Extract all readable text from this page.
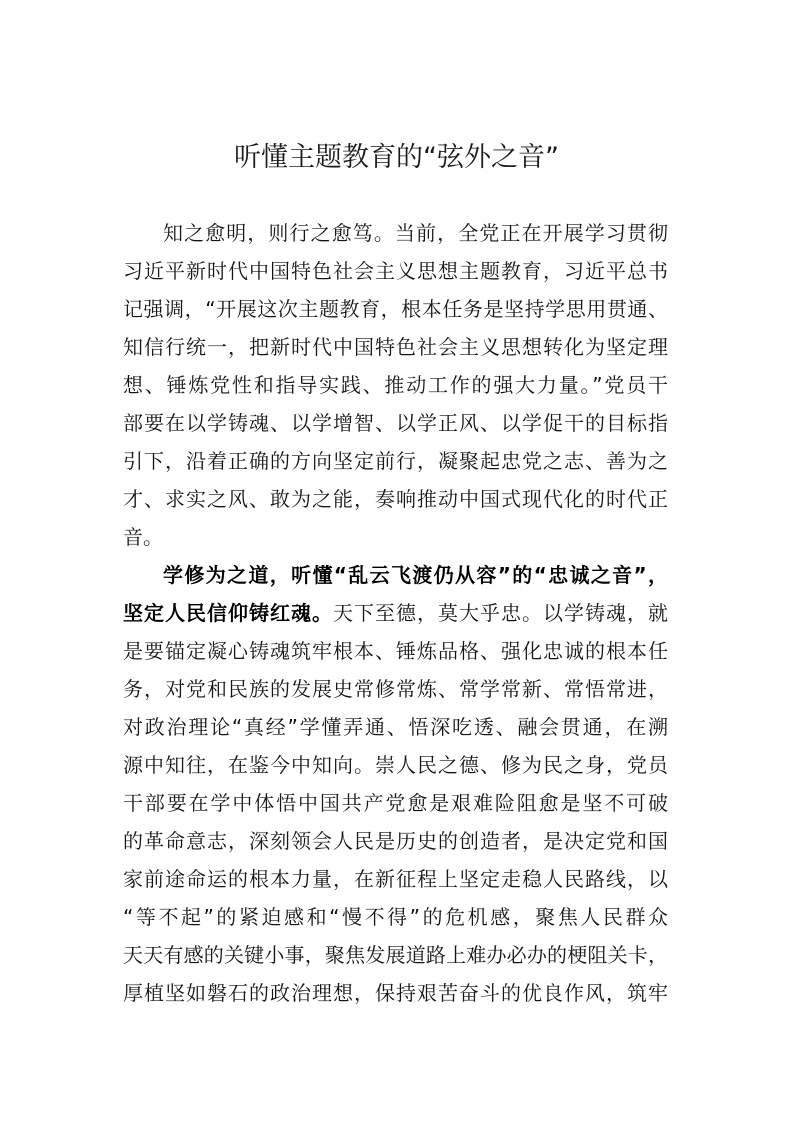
听懂主题教育的“弦外之音”
知之愈明，则行之愈笃。当前，全党正在开展学习贯彻
习近平新时代中国特色社会主义思想主题教育，习近平总书
记强调，“开展这次主题教育，根本任务是坚持学思用贯通、
知信行统一，把新时代中国特色社会主义思想转化为坚定理
想、锤炼党性和指导实践、推动工作的强大力量。”党员干
部要在以学铸魂、以学增智、以学正风、以学促干的目标指
引下，沿着正确的方向坚定前行，凝聚起忠党之志、善为之
才、求实之风、敢为之能，奏响推动中国式现代化的时代正
音。
学修为之道，听懂“乱云飞渡仍从容”的“忠诚之音”，
坚定人民信仰铸红魂。天下至德，莫大乎忠。以学铸魂，就
是要锚定凝心铸魂筑牢根本、锤炼品格、强化忠诚的根本任
务，对党和民族的发展史常修常炼、常学常新、常悟常进，
对政治理论“真经”学懂弄通、悟深吃透、融会贯通，在溯
源中知往，在鉴今中知向。崇人民之德、修为民之身，党员
干部要在学中体悟中国共产党愈是艰难险阻愈是坚不可破
的革命意志，深刻领会人民是历史的创造者，是决定党和国
家前途命运的根本力量，在新征程上坚定走稳人民路线，以
“等不起”的紧迫感和“慢不得”的危机感，聚焦人民群众
天天有感的关键小事，聚焦发展道路上难办必办的梗阻关卡，
厚植坚如磐石的政治理想，保持艰苦奋斗的优良作风，筑牢
